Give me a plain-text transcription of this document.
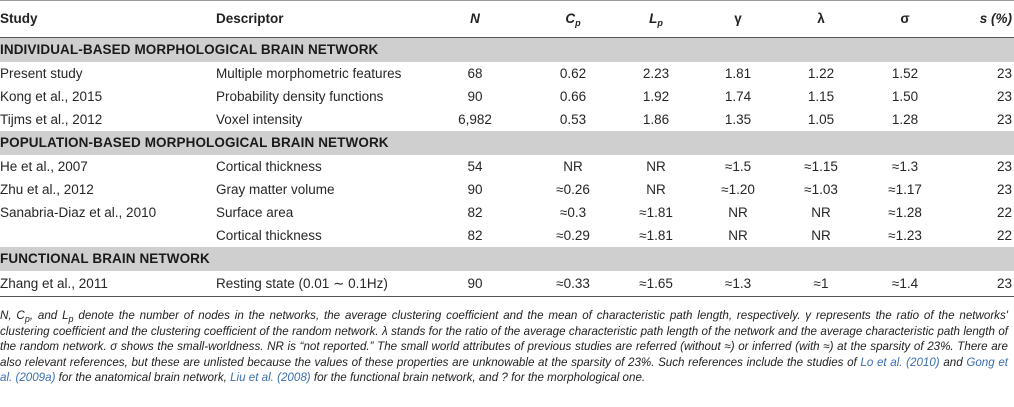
Study	Descriptor	N	$C_p$	$L_p$	γ	λ	σ	s (%)
INDIVIDUAL-BASED MORPHOLOGICAL BRAIN NETWORK								
Present study	Multiple morphometric features	68	0.62	2.23	1.81	1.22	1.52	23
Kong et al., 2015	Probability density functions	90	0.66	1.92	1.74	1.15	1.50	23
Tijms et al., 2012	Voxel intensity	6,982	0.53	1.86	1.35	1.05	1.28	23
POPULATION-BASED MORPHOLOGICAL BRAIN NETWORK								
He et al., 2007	Cortical thickness	54	NR	NR	≈1.5	≈1.15	≈1.3	23
Zhu et al., 2012	Gray matter volume	90	≈0.26	NR	≈1.20	≈1.03	≈1.17	23
Sanabria-Diaz et al., 2010	Surface area	82	≈0.3	≈1.81	NR	NR	≈1.28	22
	Cortical thickness	82	≈0.29	≈1.81	NR	NR	≈1.23	22
FUNCTIONAL BRAIN NETWORK								
Zhang et al., 2011	Resting state (0.01 ∼ 0.1Hz)	90	≈0.33	≈1.65	≈1.3	≈1	≈1.4	23
N, $C_p$, and $L_p$ denote the number of nodes in the networks, the average clustering coefficient and the mean of characteristic path length, respectively. γ represents the ratio of the networks' clustering coefficient and the clustering coefficient of the random network. λ stands for the ratio of the average characteristic path length of the network and the average characteristic path length of the random network. σ shows the small-worldness. NR is “not reported.” The small world attributes of previous studies are referred (without ≈) or inferred (with ≈) at the sparsity of 23%. There are also relevant references, but these are unlisted because the values of these properties are unknowable at the sparsity of 23%. Such references include the studies of Lo et al. (2010) and Gong et al. (2009a) for the anatomical brain network, Liu et al. (2008) for the functional brain network, and ? for the morphological one.
